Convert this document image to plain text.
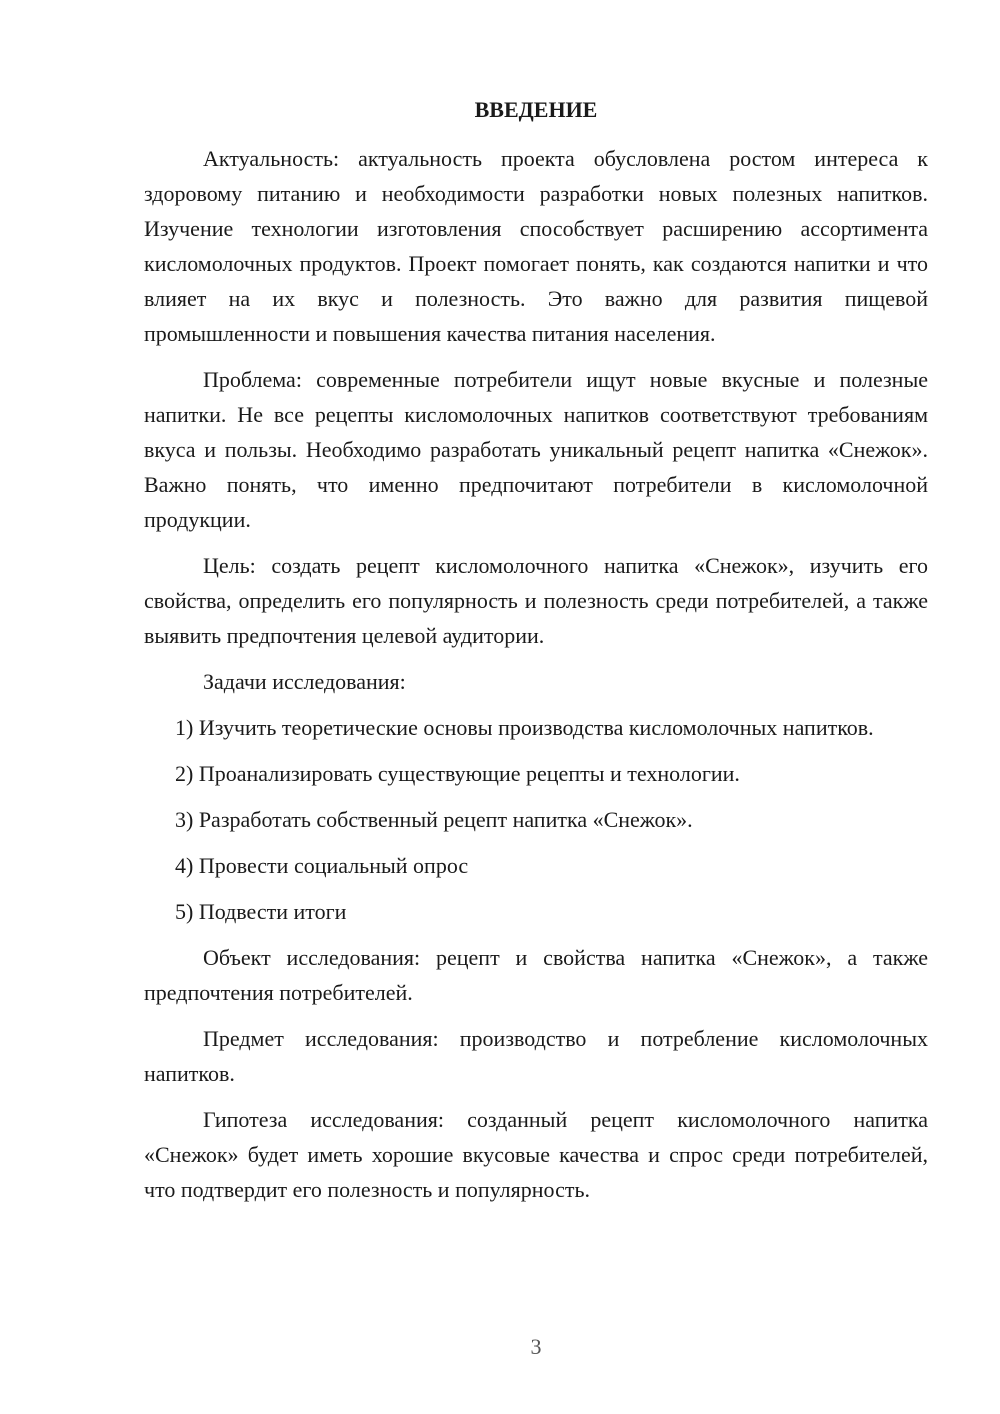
ВВЕДЕНИЕ

Актуальность: актуальность проекта обусловлена ростом интереса к здоровому питанию и необходимости разработки новых полезных напитков. Изучение технологии изготовления способствует расширению ассортимента кисломолочных продуктов. Проект помогает понять, как создаются напитки и что влияет на их вкус и полезность. Это важно для развития пищевой промышленности и повышения качества питания населения.

Проблема: современные потребители ищут новые вкусные и полезные напитки. Не все рецепты кисломолочных напитков соответствуют требованиям вкуса и пользы. Необходимо разработать уникальный рецепт напитка «Снежок». Важно понять, что именно предпочитают потребители в кисломолочной продукции.

Цель: создать рецепт кисломолочного напитка «Снежок», изучить его свойства, определить его популярность и полезность среди потребителей, а также выявить предпочтения целевой аудитории.

Задачи исследования:

1) Изучить теоретические основы производства кисломолочных напитков.

2) Проанализировать существующие рецепты и технологии.

3) Разработать собственный рецепт напитка «Снежок».

4) Провести социальный опрос

5) Подвести итоги

Объект исследования: рецепт и свойства напитка «Снежок», а также предпочтения потребителей.

Предмет исследования: производство и потребление кисломолочных напитков.

Гипотеза исследования: созданный рецепт кисломолочного напитка «Снежок» будет иметь хорошие вкусовые качества и спрос среди потребителей, что подтвердит его полезность и популярность.

3
